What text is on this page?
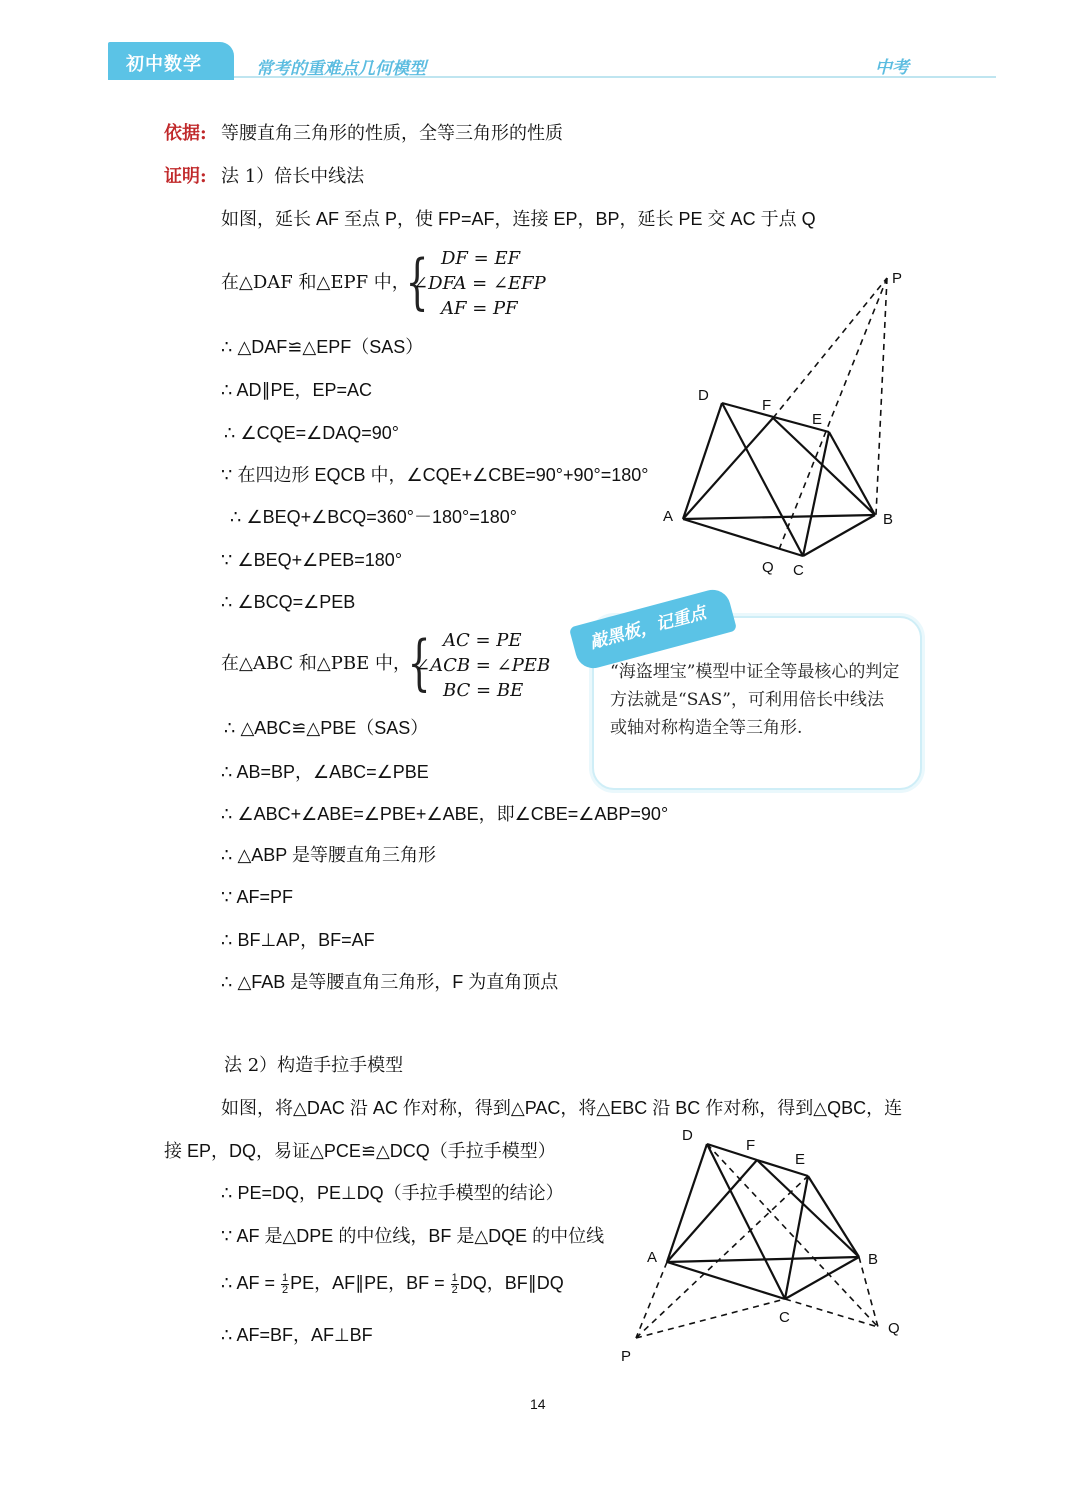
初中数学	常考的重难点几何模型	中考
依据: 等腰直角三角形的性质，全等三角形的性质
证明: 法 1）倍长中线法
如图，延长 AF 至点 P，使 FP=AF，连接 EP，BP，延长 PE 交 AC 于点 Q
在△DAF 和△EPF 中，
{ DF = EF
∠DFA = ∠EFP
AF = PF
∴ △DAF≌△EPF（SAS）
∴ AD∥PE，EP=AC
∴ ∠CQE=∠DAQ=90°
∵ 在四边形 EQCB 中，∠CQE+∠CBE=90°+90°=180°
∴ ∠BEQ+∠BCQ=360°－180°=180°
∵ ∠BEQ+∠PEB=180°
∴ ∠BCQ=∠PEB
在△ABC 和△PBE 中，
{ AC = PE
∠ACB = ∠PEB
BC = BE
∴ △ABC≌△PBE（SAS）
∴ AB=BP，∠ABC=∠PBE
∴ ∠ABC+∠ABE=∠PBE+∠ABE，即∠CBE=∠ABP=90°
∴ △ABP 是等腰直角三角形
∵ AF=PF
∴ BF⊥AP，BF=AF
∴ △FAB 是等腰直角三角形，F 为直角顶点
敲黑板，记重点
“海盗埋宝”模型中证全等最核心的判定方法就是“SAS”，可利用倍长中线法或轴对称构造全等三角形.
法 2）构造手拉手模型
如图，将△DAC 沿 AC 作对称，得到△PAC，将△EBC 沿 BC 作对称，得到△QBC，连
接 EP，DQ，易证△PCE≌△DCQ（手拉手模型）
∴ PE=DQ，PE⊥DQ（手拉手模型的结论）
∵ AF 是△DPE 的中位线，BF 是△DQE 的中位线
∴ AF = $\frac{1}{2}$ PE，AF∥PE，BF = $\frac{1}{2}$ DQ，BF∥DQ
∴ AF=BF，AF⊥BF
P
D
F
E
A	B
Q C
D
F
E
A	B
C
P
Q
14
